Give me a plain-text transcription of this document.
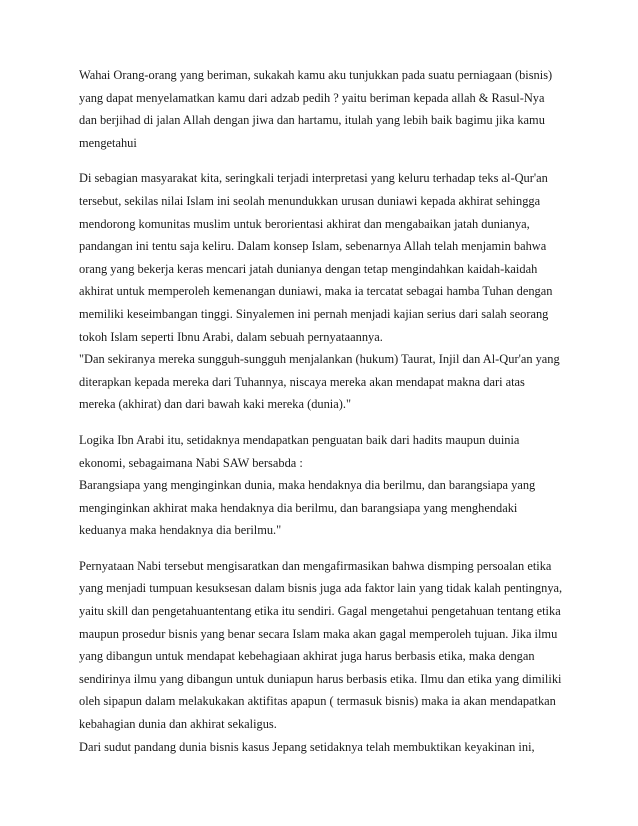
Wahai Orang-orang yang beriman, sukakah kamu aku tunjukkan pada suatu perniagaan (bisnis)
yang dapat menyelamatkan kamu dari adzab pedih ? yaitu beriman kepada allah & Rasul-Nya
dan berjihad di jalan Allah dengan jiwa dan hartamu, itulah yang lebih baik bagimu jika kamu
mengetahui
Di sebagian masyarakat kita, seringkali terjadi interpretasi yang keluru terhadap teks al-Qur'an
tersebut, sekilas nilai Islam ini seolah menundukkan urusan duniawi kepada akhirat sehingga
mendorong komunitas muslim untuk berorientasi akhirat dan mengabaikan jatah dunianya,
pandangan ini tentu saja keliru. Dalam konsep Islam, sebenarnya Allah telah menjamin bahwa
orang yang bekerja keras mencari jatah dunianya dengan tetap mengindahkan kaidah-kaidah
akhirat untuk memperoleh kemenangan duniawi, maka ia tercatat sebagai hamba Tuhan dengan
memiliki keseimbangan tinggi. Sinyalemen ini pernah menjadi kajian serius dari salah seorang
tokoh Islam seperti Ibnu Arabi, dalam sebuah pernyataannya.
"Dan sekiranya mereka sungguh-sungguh menjalankan (hukum) Taurat, Injil dan Al-Qur'an yang
diterapkan kepada mereka dari Tuhannya, niscaya mereka akan mendapat makna dari atas
mereka (akhirat) dan dari bawah kaki mereka (dunia)."
Logika Ibn Arabi itu, setidaknya mendapatkan penguatan baik dari hadits maupun duinia
ekonomi, sebagaimana Nabi SAW bersabda :
Barangsiapa yang menginginkan dunia, maka hendaknya dia berilmu, dan barangsiapa yang
menginginkan akhirat maka hendaknya dia berilmu, dan barangsiapa yang menghendaki
keduanya maka hendaknya dia berilmu."
Pernyataan Nabi tersebut mengisaratkan dan mengafirmasikan bahwa dismping persoalan etika
yang menjadi tumpuan kesuksesan dalam bisnis juga ada faktor lain yang tidak kalah pentingnya,
yaitu skill dan pengetahuantentang etika itu sendiri. Gagal mengetahui pengetahuan tentang etika
maupun prosedur bisnis yang benar secara Islam maka akan gagal memperoleh tujuan. Jika ilmu
yang dibangun untuk mendapat kebehagiaan akhirat juga harus berbasis etika, maka dengan
sendirinya ilmu yang dibangun untuk duniapun harus berbasis etika. Ilmu dan etika yang dimiliki
oleh sipapun dalam melakukakan aktifitas apapun ( termasuk bisnis) maka ia akan mendapatkan
kebahagian dunia dan akhirat sekaligus.
Dari sudut pandang dunia bisnis kasus Jepang setidaknya telah membuktikan keyakinan ini,
